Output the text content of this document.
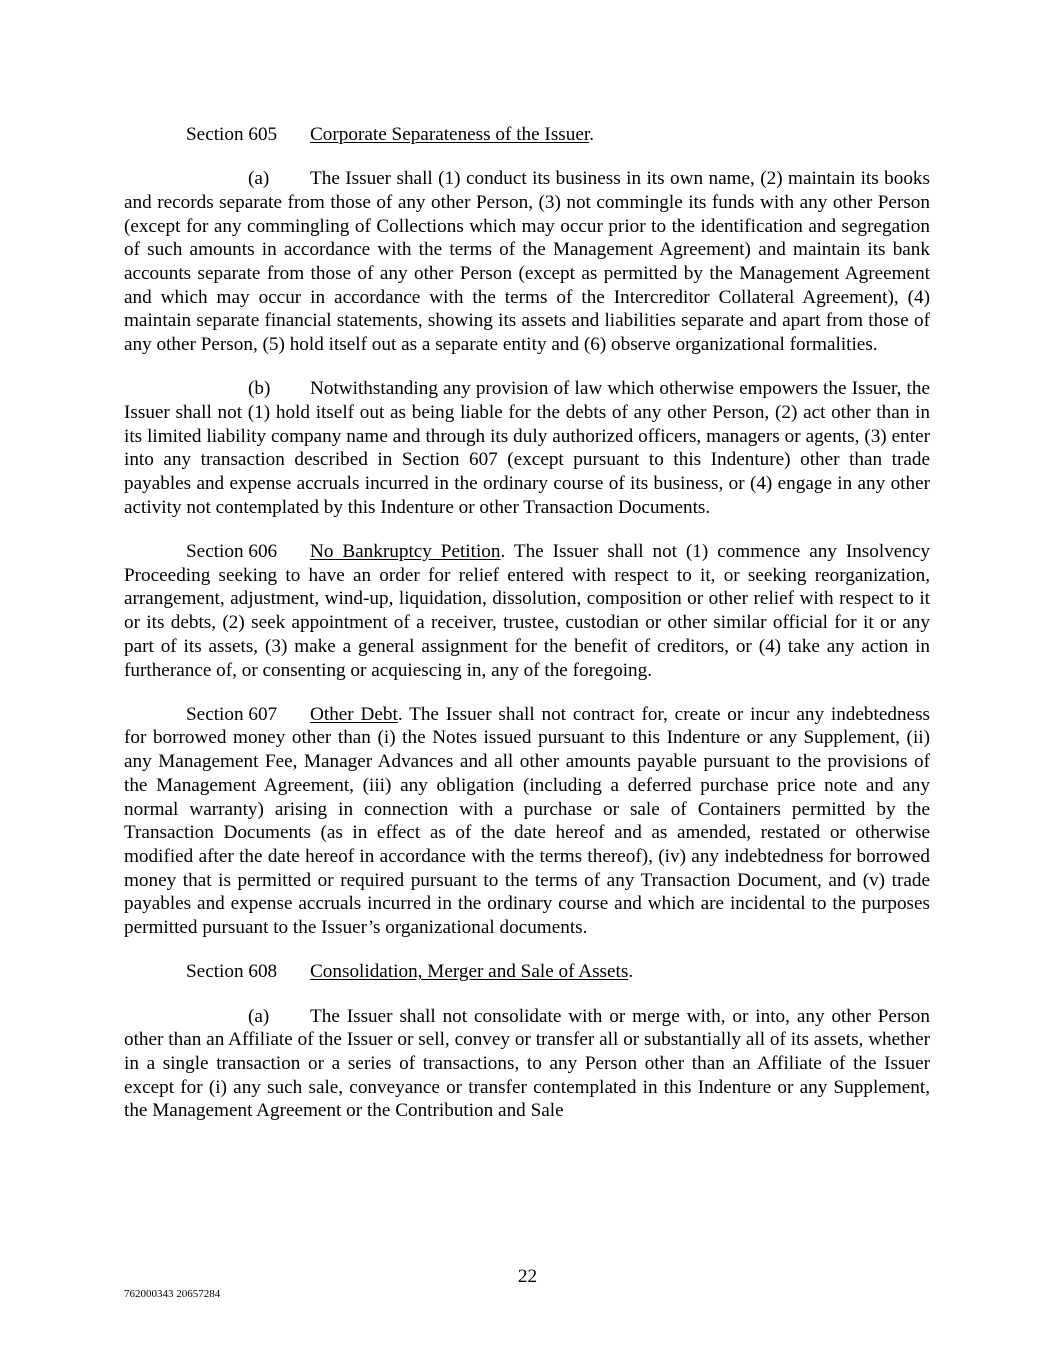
Section 605 Corporate Separateness of the Issuer.

(a) The Issuer shall (1) conduct its business in its own name, (2) maintain its books and records separate from those of any other Person, (3) not commingle its funds with any other Person (except for any commingling of Collections which may occur prior to the identification and segregation of such amounts in accordance with the terms of the Management Agreement) and maintain its bank accounts separate from those of any other Person (except as permitted by the Management Agreement and which may occur in accordance with the terms of the Intercreditor Collateral Agreement), (4) maintain separate financial statements, showing its assets and liabilities separate and apart from those of any other Person, (5) hold itself out as a separate entity and (6) observe organizational formalities.

(b) Notwithstanding any provision of law which otherwise empowers the Issuer, the Issuer shall not (1) hold itself out as being liable for the debts of any other Person, (2) act other than in its limited liability company name and through its duly authorized officers, managers or agents, (3) enter into any transaction described in Section 607 (except pursuant to this Indenture) other than trade payables and expense accruals incurred in the ordinary course of its business, or (4) engage in any other activity not contemplated by this Indenture or other Transaction Documents.

Section 606 No Bankruptcy Petition. The Issuer shall not (1) commence any Insolvency Proceeding seeking to have an order for relief entered with respect to it, or seeking reorganization, arrangement, adjustment, wind-up, liquidation, dissolution, composition or other relief with respect to it or its debts, (2) seek appointment of a receiver, trustee, custodian or other similar official for it or any part of its assets, (3) make a general assignment for the benefit of creditors, or (4) take any action in furtherance of, or consenting or acquiescing in, any of the foregoing.

Section 607 Other Debt. The Issuer shall not contract for, create or incur any indebtedness for borrowed money other than (i) the Notes issued pursuant to this Indenture or any Supplement, (ii) any Management Fee, Manager Advances and all other amounts payable pursuant to the provisions of the Management Agreement, (iii) any obligation (including a deferred purchase price note and any normal warranty) arising in connection with a purchase or sale of Containers permitted by the Transaction Documents (as in effect as of the date hereof and as amended, restated or otherwise modified after the date hereof in accordance with the terms thereof), (iv) any indebtedness for borrowed money that is permitted or required pursuant to the terms of any Transaction Document, and (v) trade payables and expense accruals incurred in the ordinary course and which are incidental to the purposes permitted pursuant to the Issuer’s organizational documents.

Section 608 Consolidation, Merger and Sale of Assets.

(a) The Issuer shall not consolidate with or merge with, or into, any other Person other than an Affiliate of the Issuer or sell, convey or transfer all or substantially all of its assets, whether in a single transaction or a series of transactions, to any Person other than an Affiliate of the Issuer except for (i) any such sale, conveyance or transfer contemplated in this Indenture or any Supplement, the Management Agreement or the Contribution and Sale

22
762000343 20657284
